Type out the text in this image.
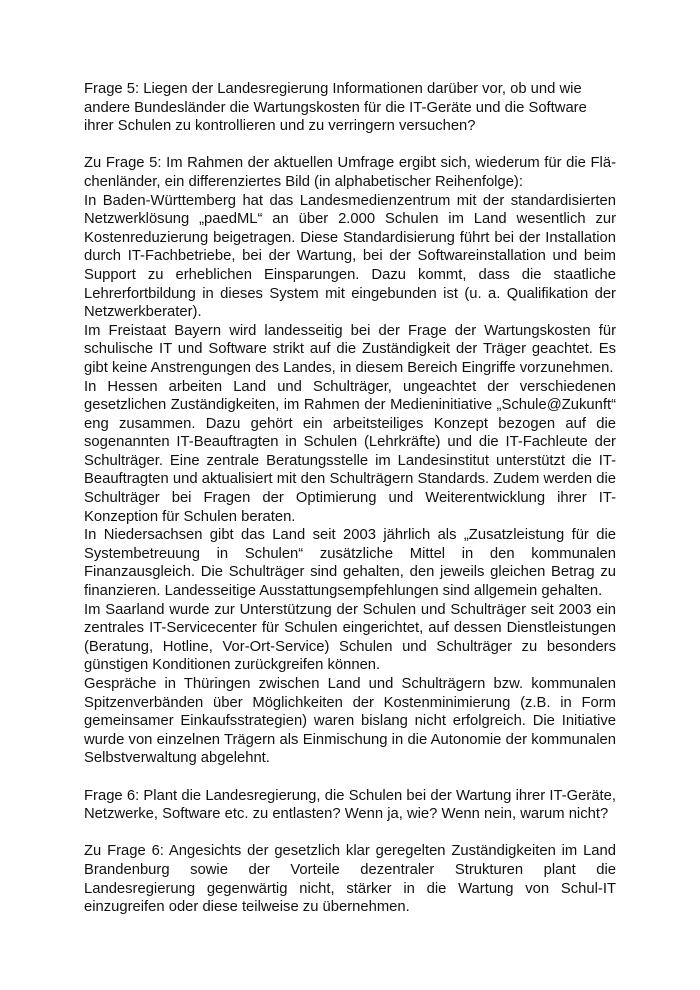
Frage 5: Liegen der Landesregierung Informationen darüber vor, ob und wie andere Bundesländer die Wartungskosten für die IT-Geräte und die Software ihrer Schulen zu kontrollieren und zu verringern versuchen?

Zu Frage 5: Im Rahmen der aktuellen Umfrage ergibt sich, wiederum für die Flächenländer, ein differenziertes Bild (in alphabetischer Reihenfolge):

In Baden-Württemberg hat das Landesmedienzentrum mit der standardisierten Netzwerklösung „paedML“ an über 2.000 Schulen im Land wesentlich zur Kostenreduzierung beigetragen. Diese Standardisierung führt bei der Installation durch IT-Fachbetriebe, bei der Wartung, bei der Softwareinstallation und beim Support zu erheblichen Einsparungen. Dazu kommt, dass die staatliche Lehrerfortbildung in dieses System mit eingebunden ist (u. a. Qualifikation der Netzwerkberater).

Im Freistaat Bayern wird landesseitig bei der Frage der Wartungskosten für schulische IT und Software strikt auf die Zuständigkeit der Träger geachtet. Es gibt keine Anstrengungen des Landes, in diesem Bereich Eingriffe vorzunehmen.

In Hessen arbeiten Land und Schulträger, ungeachtet der verschiedenen gesetzlichen Zuständigkeiten, im Rahmen der Medieninitiative „Schule@Zukunft“ eng zusammen. Dazu gehört ein arbeitsteiliges Konzept bezogen auf die sogenannten IT-Beauftragten in Schulen (Lehrkräfte) und die IT-Fachleute der Schulträger. Eine zentrale Beratungsstelle im Landesinstitut unterstützt die IT-Beauftragten und aktualisiert mit den Schulträgern Standards. Zudem werden die Schulträger bei Fragen der Optimierung und Weiterentwicklung ihrer IT-Konzeption für Schulen beraten.

In Niedersachsen gibt das Land seit 2003 jährlich als „Zusatzleistung für die Systembetreuung in Schulen“ zusätzliche Mittel in den kommunalen Finanzausgleich. Die Schulträger sind gehalten, den jeweils gleichen Betrag zu finanzieren. Landesseitige Ausstattungsempfehlungen sind allgemein gehalten.

Im Saarland wurde zur Unterstützung der Schulen und Schulträger seit 2003 ein zentrales IT-Servicecenter für Schulen eingerichtet, auf dessen Dienstleistungen (Beratung, Hotline, Vor-Ort-Service) Schulen und Schulträger zu besonders günstigen Konditionen zurückgreifen können.

Gespräche in Thüringen zwischen Land und Schulträgern bzw. kommunalen Spitzenverbänden über Möglichkeiten der Kostenminimierung (z.B. in Form gemeinsamer Einkaufsstrategien) waren bislang nicht erfolgreich. Die Initiative wurde von einzelnen Trägern als Einmischung in die Autonomie der kommunalen Selbstverwaltung abgelehnt.

Frage 6: Plant die Landesregierung, die Schulen bei der Wartung ihrer IT-Geräte, Netzwerke, Software etc. zu entlasten? Wenn ja, wie? Wenn nein, warum nicht?

Zu Frage 6: Angesichts der gesetzlich klar geregelten Zuständigkeiten im Land Brandenburg sowie der Vorteile dezentraler Strukturen plant die Landesregierung gegenwärtig nicht, stärker in die Wartung von Schul-IT einzugreifen oder diese teilweise zu übernehmen.
